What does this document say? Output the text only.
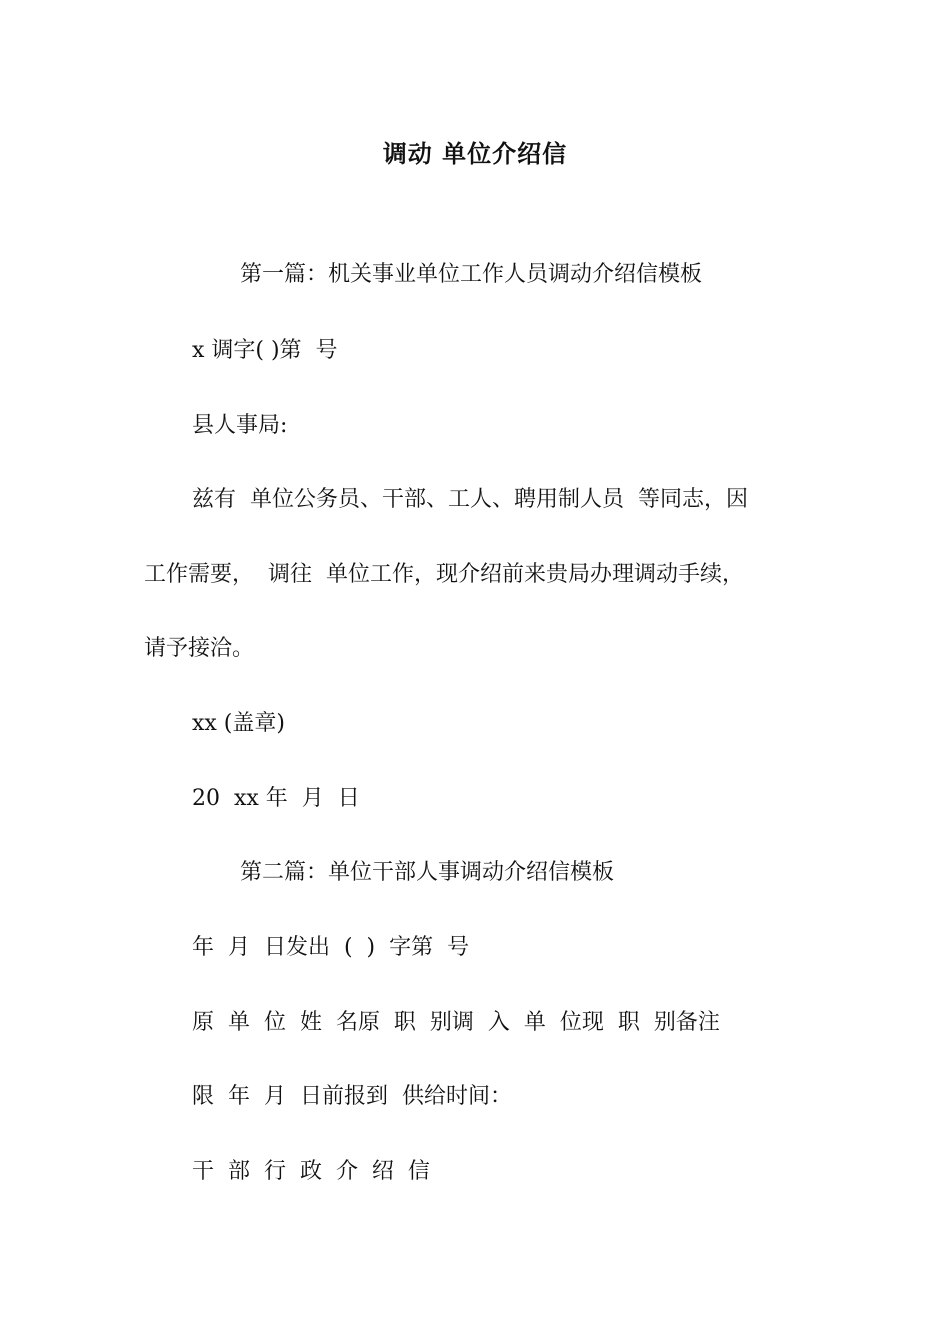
调动 单位介绍信
第一篇：机关事业单位工作人员调动介绍信模板
x 调字( )第  号
县人事局:
兹有  单位公务员、干部、工人、聘用制人员  等同志，因
工作需要，  调往  单位工作，现介绍前来贵局办理调动手续，
请予接洽。
xx (盖章)
20  xx 年  月  日
第二篇：单位干部人事调动介绍信模板
年  月  日发出  (  )  字第  号
原  单  位  姓  名原  职  别调  入  单  位现  职  别备注
限  年  月  日前报到  供给时间：
干  部  行  政  介  绍  信
